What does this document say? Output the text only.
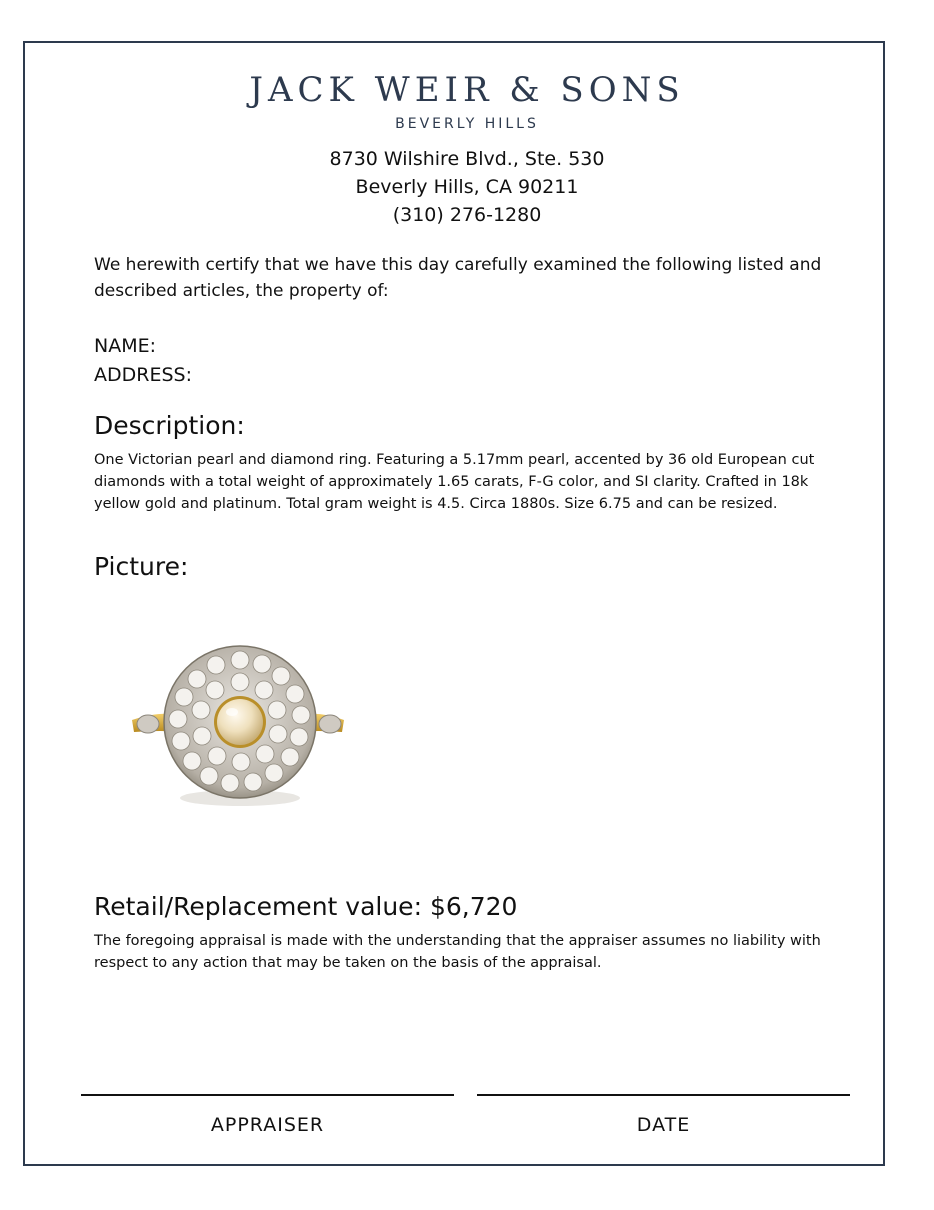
JACK WEIR & SONS
BEVERLY HILLS
8730 Wilshire Blvd., Ste. 530
Beverly Hills, CA 90211
(310) 276-1280
We herewith certify that we have this day carefully examined the following listed and described articles, the property of:
NAME:
ADDRESS:
Description:
One Victorian pearl and diamond ring. Featuring a 5.17mm pearl, accented by 36 old European cut diamonds with a total weight of approximately 1.65 carats, F-G color, and SI clarity. Crafted in 18k yellow gold and platinum. Total gram weight is 4.5. Circa 1880s. Size 6.75 and can be resized.
Picture:
Retail/Replacement value: $6,720
The foregoing appraisal is made with the understanding that the appraiser assumes no liability with respect to any action that may be taken on the basis of the appraisal.
APPRAISER	DATE
